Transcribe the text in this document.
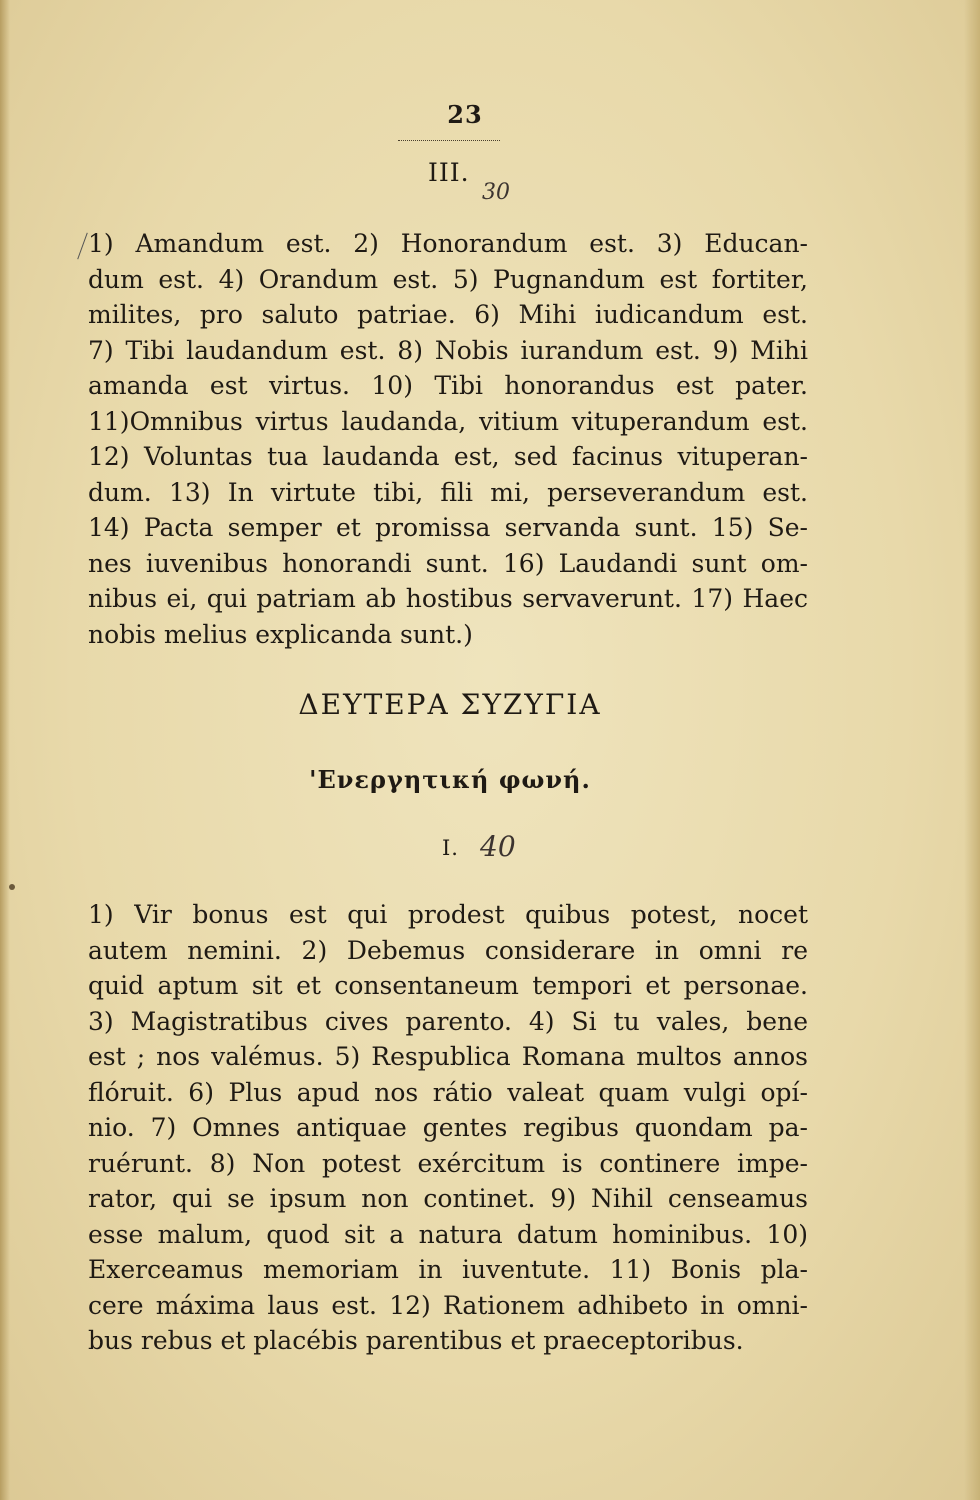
23
III.
30
1) Amandum est. 2) Honorandum est. 3) Educan-
dum est. 4) Orandum est. 5) Pugnandum est fortiter,
milites, pro saluto patriae. 6) Mihi iudicandum est.
7) Tibi laudandum est. 8) Nobis iurandum est. 9) Mihi
amanda est virtus. 10) Tibi honorandus est pater.
11)Omnibus virtus laudanda, vitium vituperandum est.
12) Voluntas tua laudanda est, sed facinus vituperan-
dum. 13) In virtute tibi, fili mi, perseverandum est.
14) Pacta semper et promissa servanda sunt. 15) Se-
nes iuvenibus honorandi sunt. 16) Laudandi sunt om-
nibus ei, qui patriam ab hostibus servaverunt. 17) Haec
nobis melius explicanda sunt.)
ΔΕΥΤΕΡΑ ΣΥΖΥΓΙΑ
'Ενεργητική φωνή.
I. 40
1) Vir bonus est qui prodest quibus potest, nocet
autem nemini. 2) Debemus considerare in omni re
quid aptum sit et consentaneum tempori et personae.
3) Magistratibus cives parento. 4) Si tu vales, bene
est ; nos valémus. 5) Respublica Romana multos annos
flóruit. 6) Plus apud nos rátio valeat quam vulgi opí-
nio. 7) Omnes antiquae gentes regibus quondam pa-
ruérunt. 8) Non potest exércitum is continere impe-
rator, qui se ipsum non continet. 9) Nihil censeamus
esse malum, quod sit a natura datum hominibus. 10)
Exerceamus memoriam in iuventute. 11) Bonis pla-
cere máxima laus est. 12) Rationem adhibeto in omni-
bus rebus et placébis parentibus et praeceptoribus.
